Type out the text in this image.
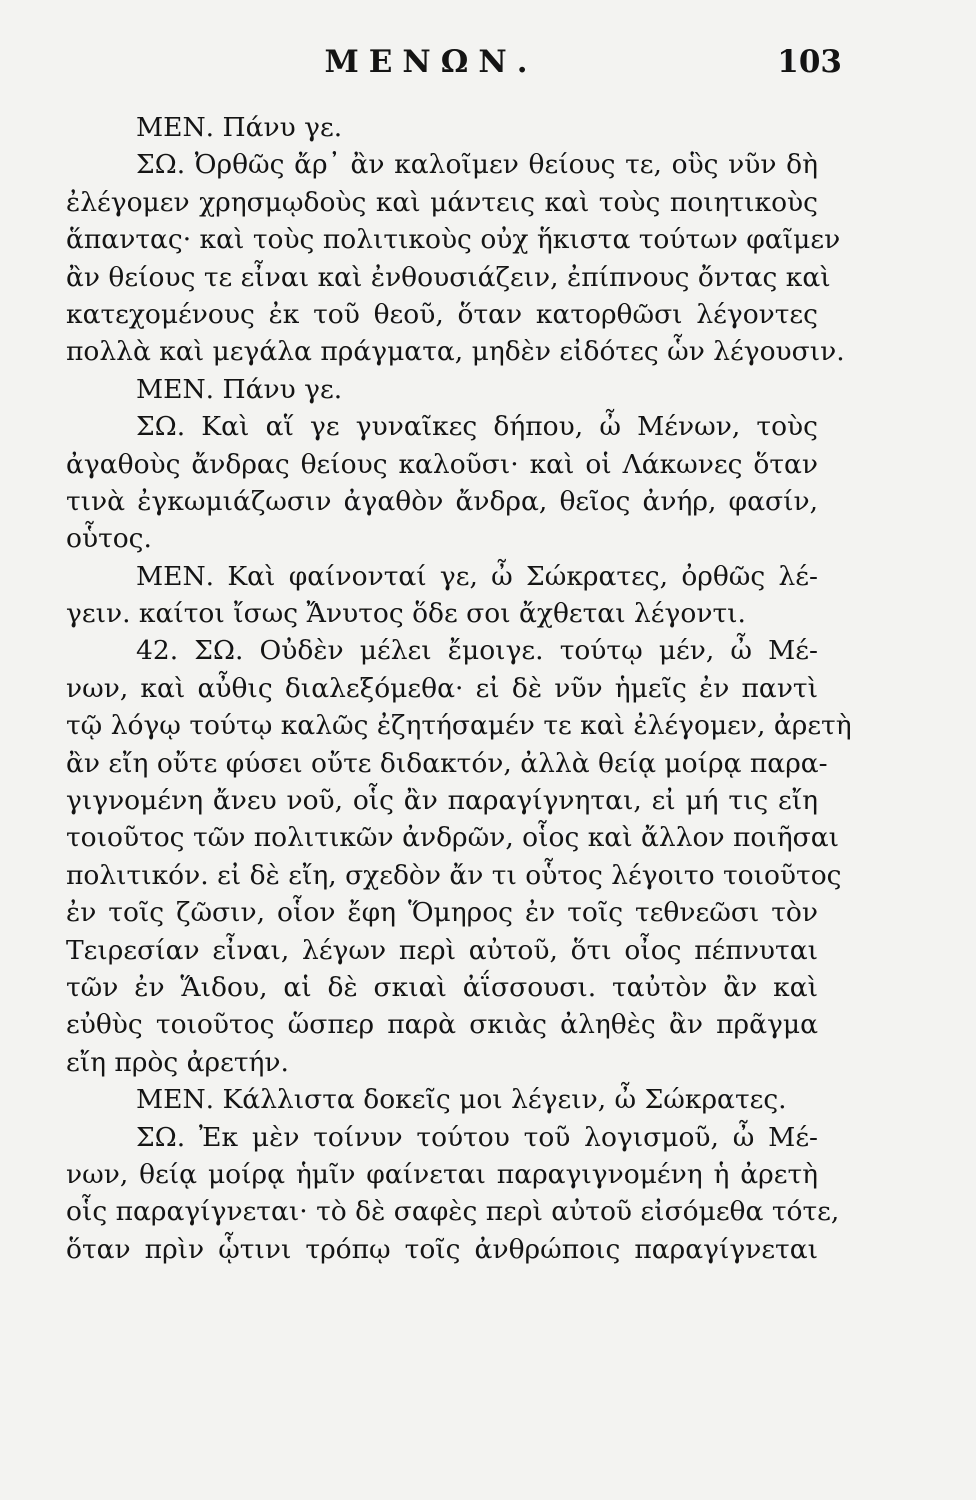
ΜΕΝΩΝ.	103
ΜΕΝ. Πάνυ γε.
ΣΩ. Ὀρθῶς ἄρ᾽ ἂν καλοῖμεν θείους τε, οὓς νῦν δὴ
ἐλέγομεν χρησμῳδοὺς καὶ μάντεις καὶ τοὺς ποιητικοὺς
ἅπαντας· καὶ τοὺς πολιτικοὺς οὐχ ἥκιστα τούτων φαῖμεν
ἂν θείους τε εἶναι καὶ ἐνθουσιάζειν, ἐπίπνους ὄντας καὶ
κατεχομένους ἐκ τοῦ θεοῦ, ὅταν κατορθῶσι λέγοντες
πολλὰ καὶ μεγάλα πράγματα, μηδὲν εἰδότες ὧν λέγουσιν.
ΜΕΝ. Πάνυ γε.
ΣΩ. Καὶ αἵ γε γυναῖκες δήπου, ὦ Μένων, τοὺς
ἀγαθοὺς ἄνδρας θείους καλοῦσι· καὶ οἱ Λάκωνες ὅταν
τινὰ ἐγκωμιάζωσιν ἀγαθὸν ἄνδρα, θεῖος ἀνήρ, φασίν,
οὗτος.
ΜΕΝ. Καὶ φαίνονταί γε, ὦ Σώκρατες, ὀρθῶς λέ-
γειν. καίτοι ἴσως Ἄνυτος ὅδε σοι ἄχθεται λέγοντι.
42. ΣΩ. Οὐδὲν μέλει ἔμοιγε. τούτῳ μέν, ὦ Μέ-
νων, καὶ αὖθις διαλεξόμεθα· εἰ δὲ νῦν ἡμεῖς ἐν παντὶ
τῷ λόγῳ τούτῳ καλῶς ἐζητήσαμέν τε καὶ ἐλέγομεν, ἀρετὴ
ἂν εἴη οὔτε φύσει οὔτε διδακτόν, ἀλλὰ θείᾳ μοίρᾳ παρα-
γιγνομένη ἄνευ νοῦ, οἷς ἂν παραγίγνηται, εἰ μή τις εἴη
τοιοῦτος τῶν πολιτικῶν ἀνδρῶν, οἷος καὶ ἄλλον ποιῆσαι
πολιτικόν. εἰ δὲ εἴη, σχεδὸν ἄν τι οὗτος λέγοιτο τοιοῦτος
ἐν τοῖς ζῶσιν, οἷον ἔφη Ὅμηρος ἐν τοῖς τεθνεῶσι τὸν
Τειρεσίαν εἶναι, λέγων περὶ αὐτοῦ, ὅτι οἶος πέπνυται
τῶν ἐν Ἅιδου, αἱ δὲ σκιαὶ ἀΐσσουσι. ταὐτὸν ἂν καὶ
εὐθὺς τοιοῦτος ὥσπερ παρὰ σκιὰς ἀληθὲς ἂν πρᾶγμα
εἴη πρὸς ἀρετήν.
ΜΕΝ. Κάλλιστα δοκεῖς μοι λέγειν, ὦ Σώκρατες.
ΣΩ. Ἐκ μὲν τοίνυν τούτου τοῦ λογισμοῦ, ὦ Μέ-
νων, θείᾳ μοίρᾳ ἡμῖν φαίνεται παραγιγνομένη ἡ ἀρετὴ
οἷς παραγίγνεται· τὸ δὲ σαφὲς περὶ αὐτοῦ εἰσόμεθα τότε,
ὅταν πρὶν ᾧτινι τρόπῳ τοῖς ἀνθρώποις παραγίγνεται
